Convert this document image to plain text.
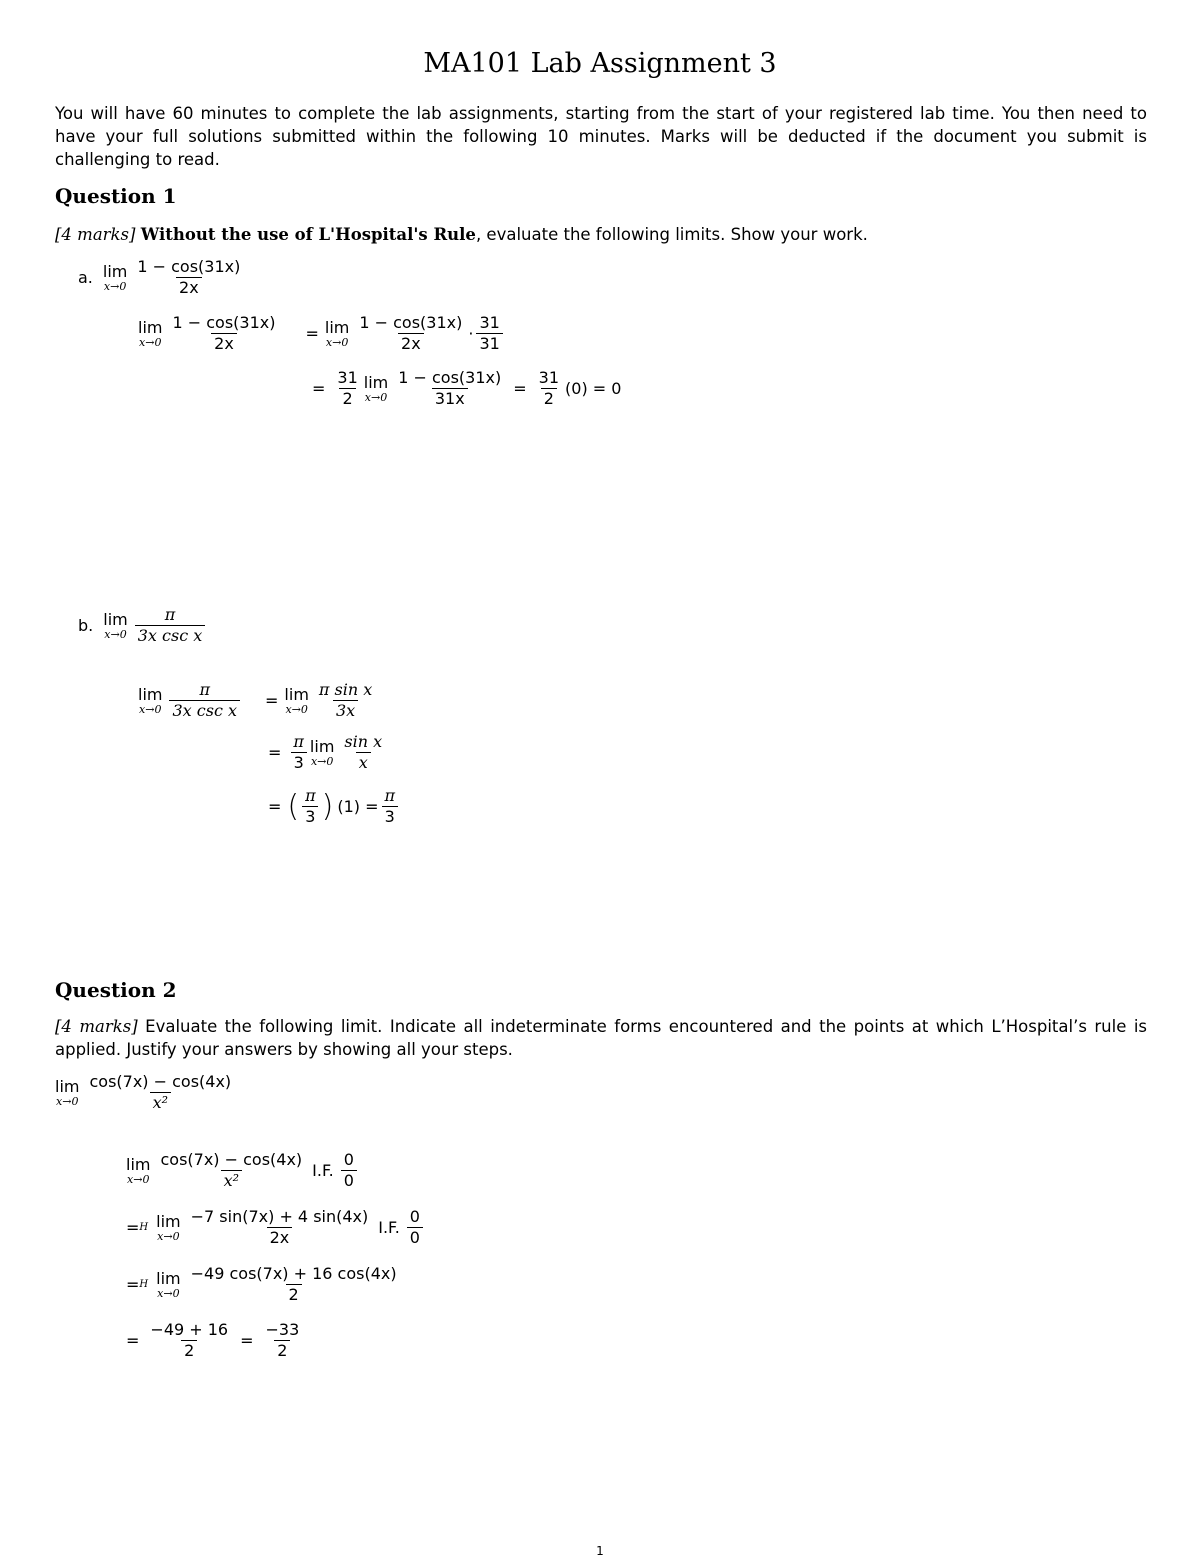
MA101 Lab Assignment 3
You will have 60 minutes to complete the lab assignments, starting from the start of your registered lab time. You then need to have your full solutions submitted within the following 10 minutes. Marks will be deducted if the document you submit is challenging to read.
Question 1
[4 marks] Without the use of L'Hospital's Rule, evaluate the following limits. Show your work.
a. lim
$x\to 0 \frac{1 - \cos(31x)}{2x}$
lim
$x\to 0 \frac{1 - \cos(31x)}{2x} = \lim$
$x\to 0 \frac{1 - \cos(31x)}{2x} \cdot \frac{31}{31}$
= $\frac{31}{2}$ lim
$x\to 0 \frac{1 - \cos(31x)}{31x} = \frac{31}{2} (0) = 0$
b. lim
$x\to 0 \frac{\pi}{\text{3x csc x}}$
lim
$x\to 0 \frac{\pi}{\text{3x csc x}} = \lim$
$x\to 0 \frac{\text{π sin x}}{3x}$
= $\frac{\pi}{3}$ lim
$x\to 0 \frac{\text{sin x}}{x}$
= ( $\frac{\pi}{3}$ ) $(1) = \frac{\pi}{3}$
Question 2
[4 marks] Evaluate the following limit. Indicate all indeterminate forms encountered and the points at which L’Hospital’s rule is applied. Justify your answers by showing all your steps.
lim
$x\to 0 \frac{\cos(7x) - \cos(4x)}{\text{x²}}$
lim
$x\to 0 \frac{\cos(7x) - \cos(4x)}{\text{x²}} I.F$. $\frac{0}{0}$
= H lim
$x\to 0 \frac{-7 \sin(7x) + 4 \sin(4x)}{2x} I.F$. $\frac{0}{0}$
= H lim
$x\to 0 \frac{-49 \cos(7x) + 16 \cos(4x)}{2}$
= $\frac{-49 + 16}{2} = \frac{-33}{2}$
1
